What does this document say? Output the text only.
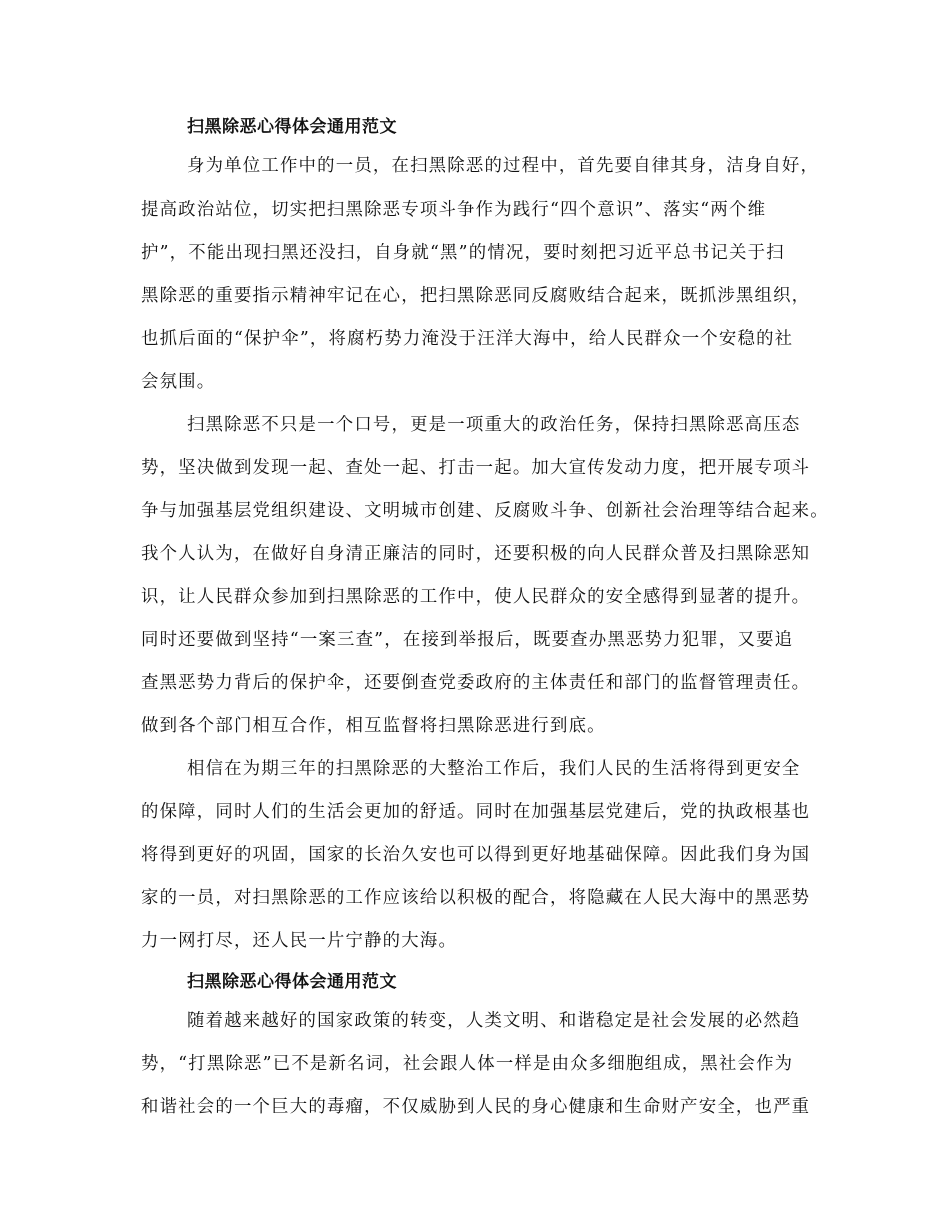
扫黑除恶心得体会通用范文
身为单位工作中的一员，在扫黑除恶的过程中，首先要自律其身，洁身自好，
提高政治站位，切实把扫黑除恶专项斗争作为践行“四个意识”、落实“两个维
护”，不能出现扫黑还没扫，自身就“黑”的情况，要时刻把习近平总书记关于扫
黑除恶的重要指示精神牢记在心，把扫黑除恶同反腐败结合起来，既抓涉黑组织，
也抓后面的“保护伞”，将腐朽势力淹没于汪洋大海中，给人民群众一个安稳的社
会氛围。
扫黑除恶不只是一个口号，更是一项重大的政治任务，保持扫黑除恶高压态
势，坚决做到发现一起、查处一起、打击一起。加大宣传发动力度，把开展专项斗
争与加强基层党组织建设、文明城市创建、反腐败斗争、创新社会治理等结合起来。
我个人认为，在做好自身清正廉洁的同时，还要积极的向人民群众普及扫黑除恶知
识，让人民群众参加到扫黑除恶的工作中，使人民群众的安全感得到显著的提升。
同时还要做到坚持“一案三查”，在接到举报后，既要查办黑恶势力犯罪，又要追
查黑恶势力背后的保护伞，还要倒查党委政府的主体责任和部门的监督管理责任。
做到各个部门相互合作，相互监督将扫黑除恶进行到底。
相信在为期三年的扫黑除恶的大整治工作后，我们人民的生活将得到更安全
的保障，同时人们的生活会更加的舒适。同时在加强基层党建后，党的执政根基也
将得到更好的巩固，国家的长治久安也可以得到更好地基础保障。因此我们身为国
家的一员，对扫黑除恶的工作应该给以积极的配合，将隐藏在人民大海中的黑恶势
力一网打尽，还人民一片宁静的大海。
扫黑除恶心得体会通用范文
随着越来越好的国家政策的转变，人类文明、和谐稳定是社会发展的必然趋
势，“打黑除恶”已不是新名词，社会跟人体一样是由众多细胞组成，黑社会作为
和谐社会的一个巨大的毒瘤，不仅威胁到人民的身心健康和生命财产安全，也严重
